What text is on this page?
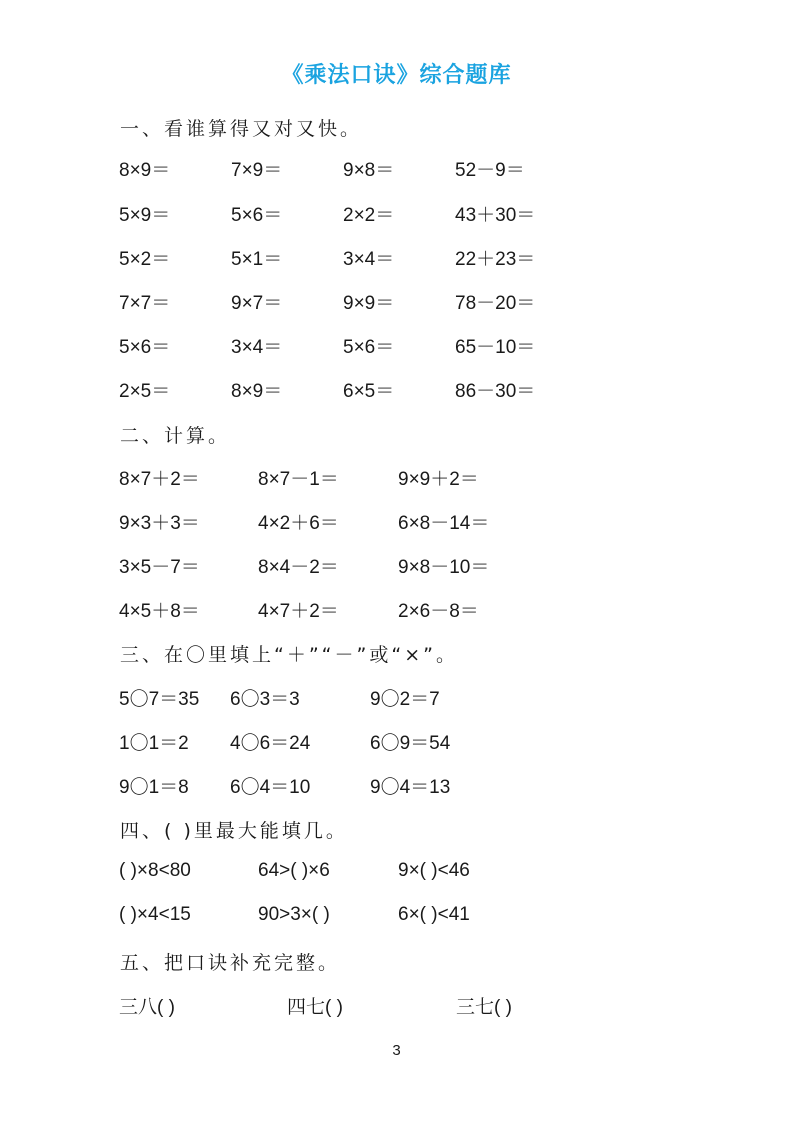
《乘法口诀》综合题库
一、看谁算得又对又快。
8×9＝	7×9＝	9×8＝	52－9＝
5×9＝	5×6＝	2×2＝	43＋30＝
5×2＝	5×1＝	3×4＝	22＋23＝
7×7＝	9×7＝	9×9＝	78－20＝
5×6＝	3×4＝	5×6＝	65－10＝
2×5＝	8×9＝	6×5＝	86－30＝
二、计算。
8×7＋2＝	8×7－1＝	9×9＋2＝
9×3＋3＝	4×2＋6＝	6×8－14＝
3×5－7＝	8×4－2＝	9×8－10＝
4×5＋8＝	4×7＋2＝	2×6－8＝
三、在〇里填上“＋”“－”或“×”。
5〇7＝35 6〇3＝3	9〇2＝7
1〇1＝2 4〇6＝24	6〇9＝54
9〇1＝8 6〇4＝10	9〇4＝13
四、( )里最大能填几。
( )×8<80	64>( )×6	9×( )<46
( )×4<15	90>3×( )	6×( )<41
五、把口诀补充完整。
三八( )	四七( )	三七( )
3
